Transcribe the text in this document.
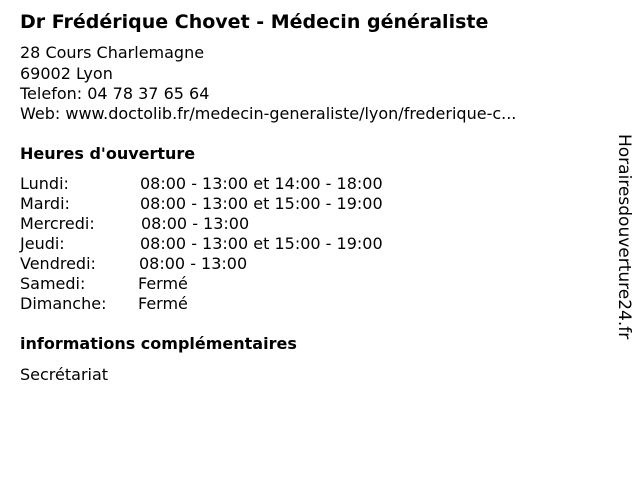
Dr Frédérique Chovet - Médecin généraliste
28 Cours Charlemagne
69002 Lyon
Telefon: 04 78 37 65 64
Web: www.doctolib.fr/medecin-generaliste/lyon/frederique-c...
Heures d'ouverture
Lundi:	08:00 - 13:00 et 14:00 - 18:00
Mardi:	08:00 - 13:00 et 15:00 - 19:00
Mercredi:	08:00 - 13:00
Jeudi:	08:00 - 13:00 et 15:00 - 19:00
Vendredi:	08:00 - 13:00
Samedi:	Fermé
Dimanche: Fermé
informations complémentaires
Secrétariat
Horairesdouverture24.fr
